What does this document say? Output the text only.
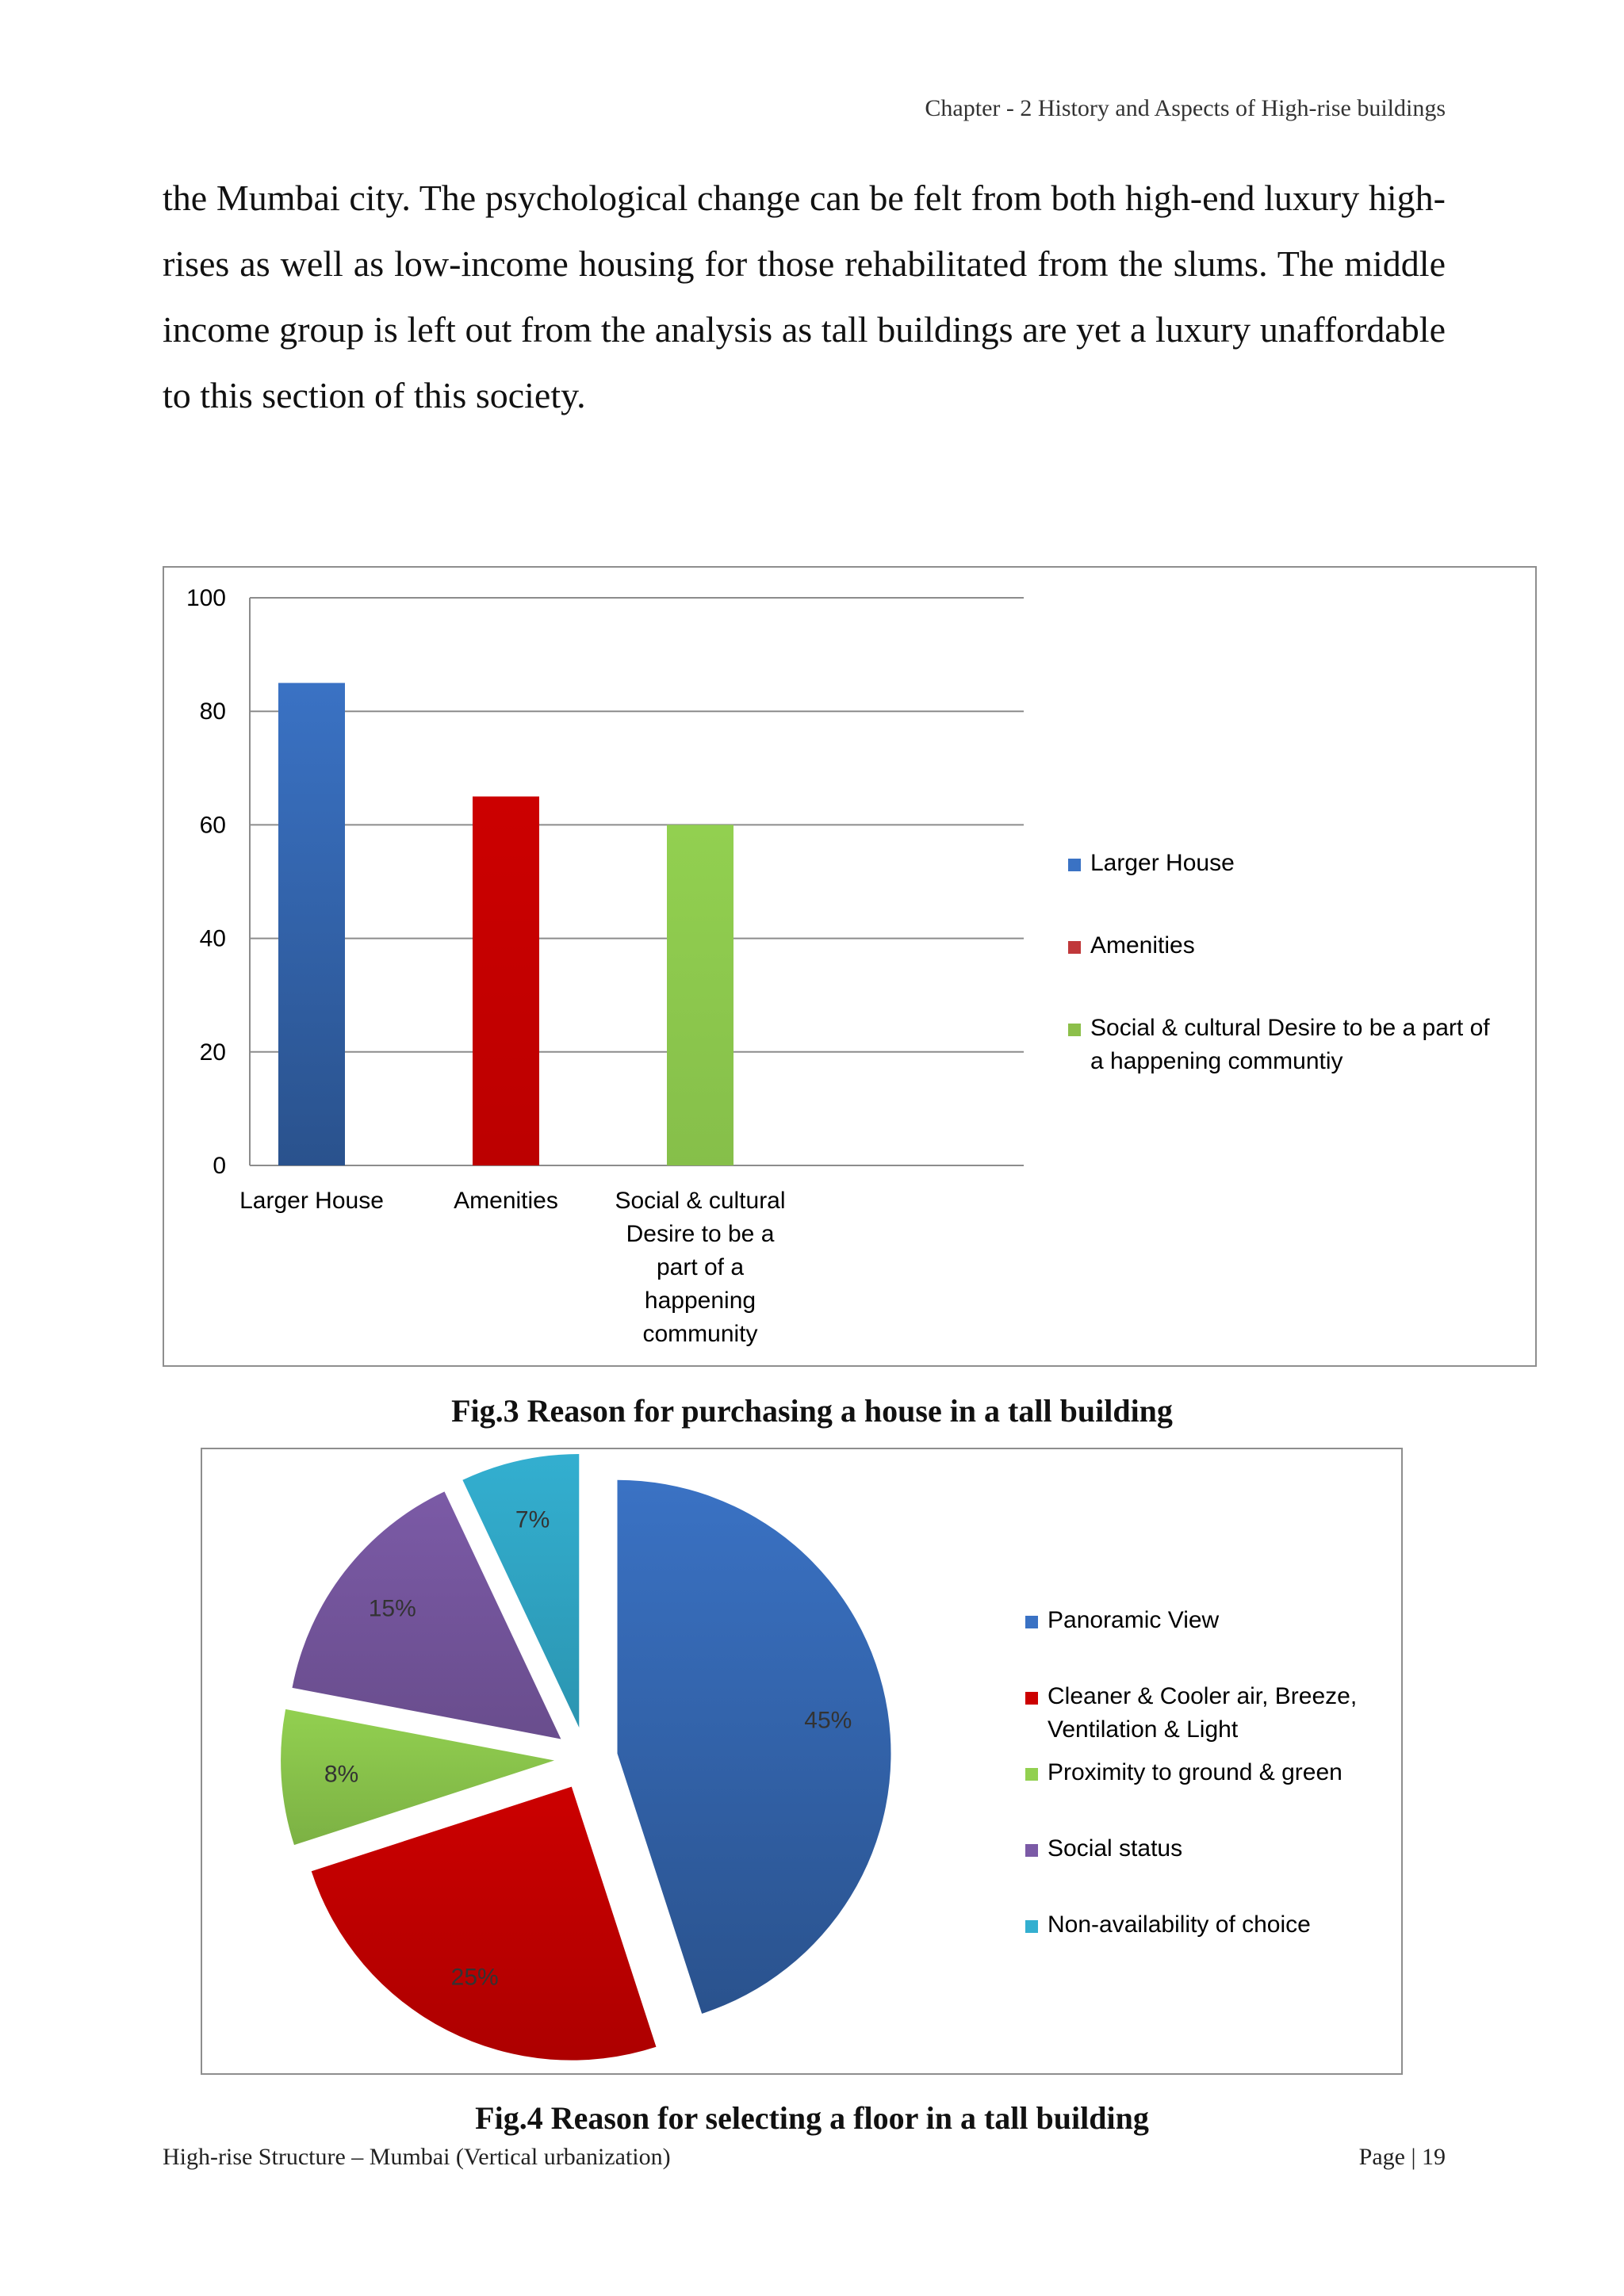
Chapter - 2 History and Aspects of High-rise buildings

the Mumbai city. The psychological change can be felt from both high-end luxury high-rises as well as low-income housing for those rehabilitated from the slums. The middle income group is left out from the analysis as tall buildings are yet a luxury unaffordable to this section of this society.

0
20
40
60
80
100
Larger House	Amenities Social & cultural
Desire to be a
part of a
happening
community
Larger House
Amenities
Social & cultural Desire to be a part of
a happening communtiy
Fig.3 Reason for purchasing a house in a tall building
45%
25%
8%
15%
7%
Panoramic View
Cleaner & Cooler air, Breeze,
Ventilation & Light
Proximity to ground & green
Social status
Non-availability of choice
Fig.4 Reason for selecting a floor in a tall building
High-rise Structure – Mumbai (Vertical urbanization)	Page | 19
